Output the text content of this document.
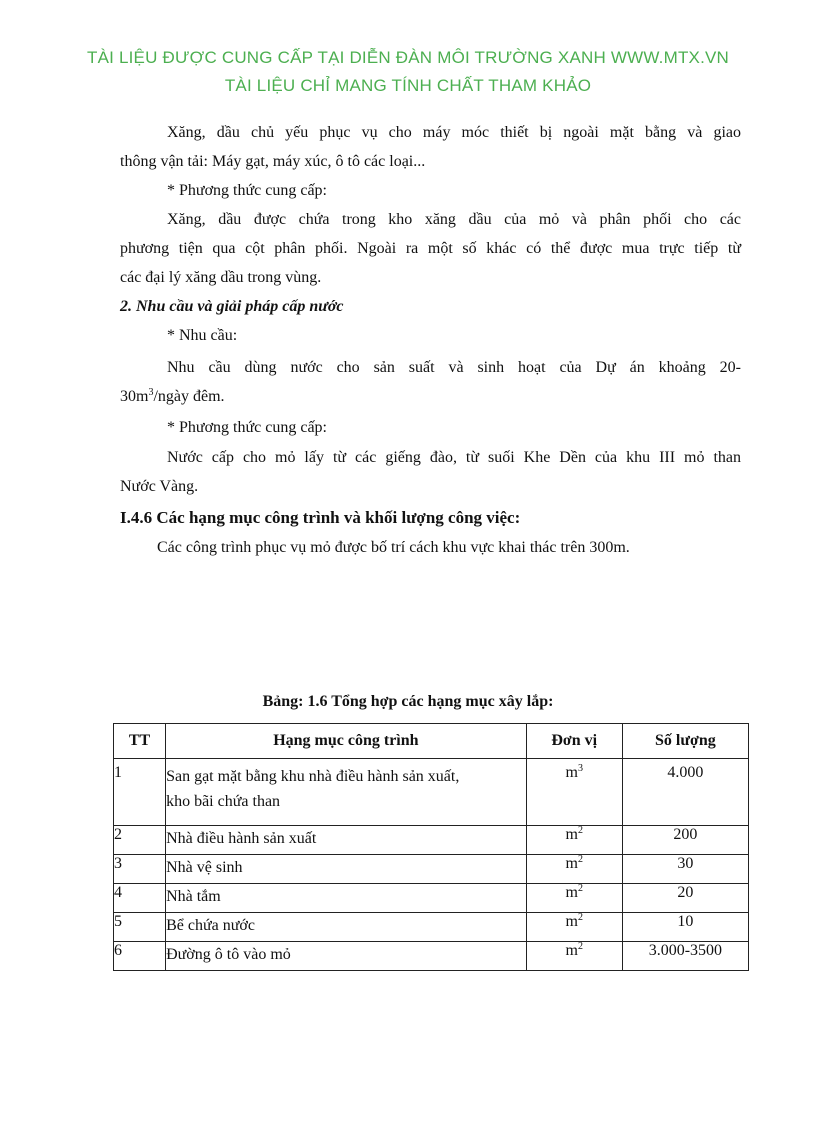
TÀI LIỆU ĐƯỢC CUNG CẤP TẠI DIỄN ĐÀN MÔI TRƯỜNG XANH WWW.MTX.VN
TÀI LIỆU CHỈ MANG TÍNH CHẤT THAM KHẢO
Xăng, dầu chủ yếu phục vụ cho máy móc thiết bị ngoài mặt bằng và giao
thông vận tải: Máy gạt, máy xúc, ô tô các loại...
* Phương thức cung cấp:
Xăng, dầu được chứa trong kho xăng dầu của mỏ và phân phối cho các
phương tiện qua cột phân phối. Ngoài ra một số khác có thể được mua trực tiếp từ
các đại lý xăng dầu trong vùng.
2. Nhu cầu và giải pháp cấp nước
* Nhu cầu:
Nhu cầu dùng nước cho sản suất và sinh hoạt của Dự án khoảng 20-
$30m^3$/ngày đêm.
* Phương thức cung cấp:
Nước cấp cho mỏ lấy từ các giếng đào, từ suối Khe Dền của khu III mỏ than
Nước Vàng.
I.4.6 Các hạng mục công trình và khối lượng công việc:
Các công trình phục vụ mỏ được bố trí cách khu vực khai thác trên 300m.
Bảng: 1.6 Tổng hợp các hạng mục xây lắp:
TT	Hạng mục công trình	Đơn vị	Số lượng
1	San gạt mặt bằng khu nhà điều hành sản xuất,
kho bãi chứa than	$m^3$	4.000
2	Nhà điều hành sản xuất	$m^2$	200
3	Nhà vệ sinh	$m^2$	30
4	Nhà tắm	$m^2$	20
5	Bể chứa nước	$m^2$	10
6	Đường ô tô vào mỏ	$m^2$	3.000-3500
